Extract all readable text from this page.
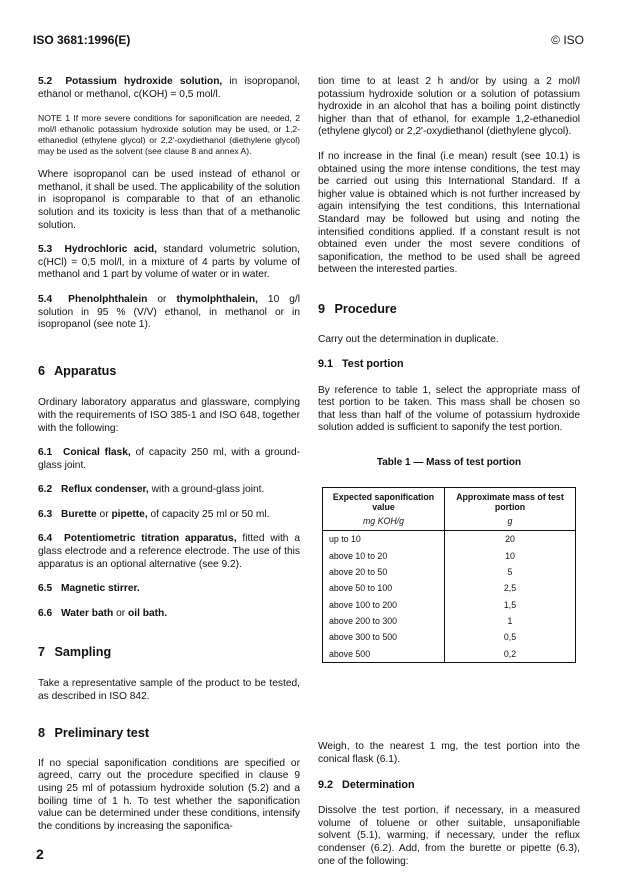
ISO 3681:1996(E)	© ISO

5.2 Potassium hydroxide solution, in isopropanol, ethanol or methanol, c(KOH) = 0,5 mol/l.

NOTE 1 If more severe conditions for saponification are needed, 2 mol/l ethanolic potassium hydroxide solution may be used, or 1,2-ethanediol (ethylene glycol) or 2,2'-oxydiethanol (diethylene glycol) may be used as the solvent (see clause 8 and annex A).

Where isopropanol can be used instead of ethanol or methanol, it shall be used. The applicability of the solution in isopropanol is comparable to that of an ethanolic solution and its toxicity is less than that of a methanolic solution.

5.3 Hydrochloric acid, standard volumetric solution, c(HCl) = 0,5 mol/l, in a mixture of 4 parts by volume of methanol and 1 part by volume of water or in water.

5.4 Phenolphthalein or thymolphthalein, 10 g/l solution in 95 % (V/V) ethanol, in methanol or in isopropanol (see note 1).

6 Apparatus

Ordinary laboratory apparatus and glassware, complying with the requirements of ISO 385-1 and ISO 648, together with the following:

6.1 Conical flask, of capacity 250 ml, with a ground-glass joint.

6.2 Reflux condenser, with a ground-glass joint.

6.3 Burette or pipette, of capacity 25 ml or 50 ml.

6.4 Potentiometric titration apparatus, fitted with a glass electrode and a reference electrode. The use of this apparatus is an optional alternative (see 9.2).

6.5 Magnetic stirrer.

6.6 Water bath or oil bath.

7 Sampling

Take a representative sample of the product to be tested, as described in ISO 842.

8 Preliminary test

If no special saponification conditions are specified or agreed, carry out the procedure specified in clause 9 using 25 ml of potassium hydroxide solution (5.2) and a boiling time of 1 h. To test whether the saponification value can be determined under these conditions, intensify the conditions by increasing the saponifica-

tion time to at least 2 h and/or by using a 2 mol/l potassium hydroxide solution or a solution of potassium hydroxide in an alcohol that has a boiling point distinctly higher than that of ethanol, for example 1,2-ethanediol (ethylene glycol) or 2,2'-oxydiethanol (diethylene glycol).

If no increase in the final (i.e mean) result (see 10.1) is obtained using the more intense conditions, the test may be carried out using this International Standard. If a higher value is obtained which is not further increased by again intensifying the test conditions, this International Standard may be followed but using and noting the intensified conditions applied. If a constant result is not obtained even under the most severe conditions of saponification, the method to be used shall be agreed between the interested parties.

9 Procedure

Carry out the determination in duplicate.

9.1 Test portion

By reference to table 1, select the appropriate mass of test portion to be taken. This mass shall be chosen so that less than half of the volume of potassium hydroxide solution added is sufficient to saponify the test portion.

Table 1 — Mass of test portion
Expected saponification value	Approximate mass of test portion
mg KOH/g	g
up to 10	20
above 10 to 20	10
above 20 to 50	5
above 50 to 100	2,5
above 100 to 200	1,5
above 200 to 300	1
above 300 to 500	0,5
above 500	0,2

Weigh, to the nearest 1 mg, the test portion into the conical flask (6.1).

9.2 Determination

Dissolve the test portion, if necessary, in a measured volume of toluene or other suitable, unsaponifiable solvent (5.1), warming, if necessary, under the reflux condenser (6.2). Add, from the burette or pipette (6.3), one of the following:

2
